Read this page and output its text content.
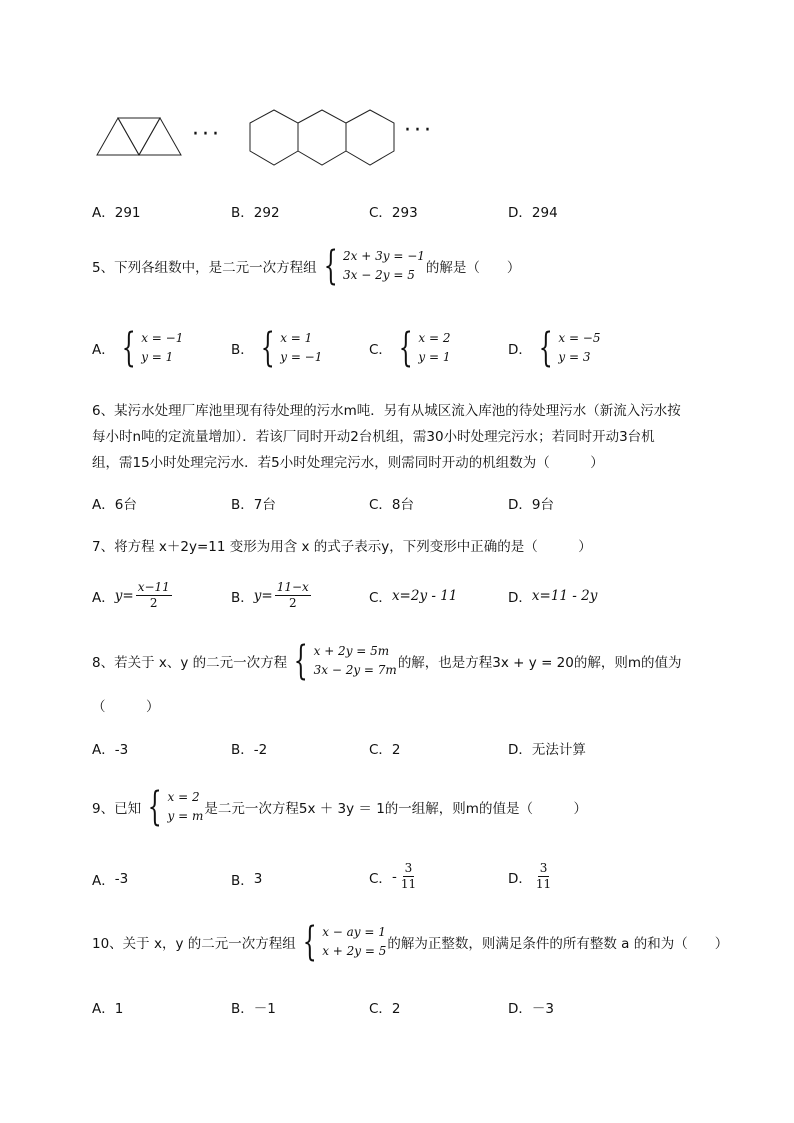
···	···
A．291	B．292	C．293	D．294
5、下列各组数中，是二元一次方程组 { 2x + 3y = −1
3x − 2y = 5 的解是（　　）
A． { x = −1
y = 1	B． { x = 1
y = −1	C． { x = 2
y = 1	D． { x = −5
y = 3
6、某污水处理厂库池里现有待处理的污水m吨．另有从城区流入库池的待处理污水（新流入污水按
每小时n吨的定流量增加）．若该厂同时开动2台机组，需30小时处理完污水；若同时开动3台机
组，需15小时处理完污水．若5小时处理完污水，则需同时开动的机组数为（　　　）
A．6台	B．7台	C．8台	D．9台
7、将方程 x＋2y=11 变形为用含 x 的式子表示y，下列变形中正确的是（　　　）
A． $y= \frac{x-11}{2}$	B． $y= \frac{11-x}{2}$	C． x=2y - 11	D． x=11 - 2y
8、若关于 x、y 的二元一次方程 { x + 2y = 5m
3x − 2y = 7m 的解，也是方程3x + y = 20的解，则m的值为
（　　　）
A．-3	B．-2	C．2	D．无法计算
9、已知 { x = 2
y = m 是二元一次方程5x ＋ 3y ＝ 1的一组解，则m的值是（　　　）
A． -3	B． 3	C． - $\frac{3}{11}$	D． $\frac{3}{11}$
10、关于 x，y 的二元一次方程组 { x − ay = 1
x + 2y = 5 的解为正整数，则满足条件的所有整数 a 的和为（　　）
A．1	B．－1	C．2	D．－3
